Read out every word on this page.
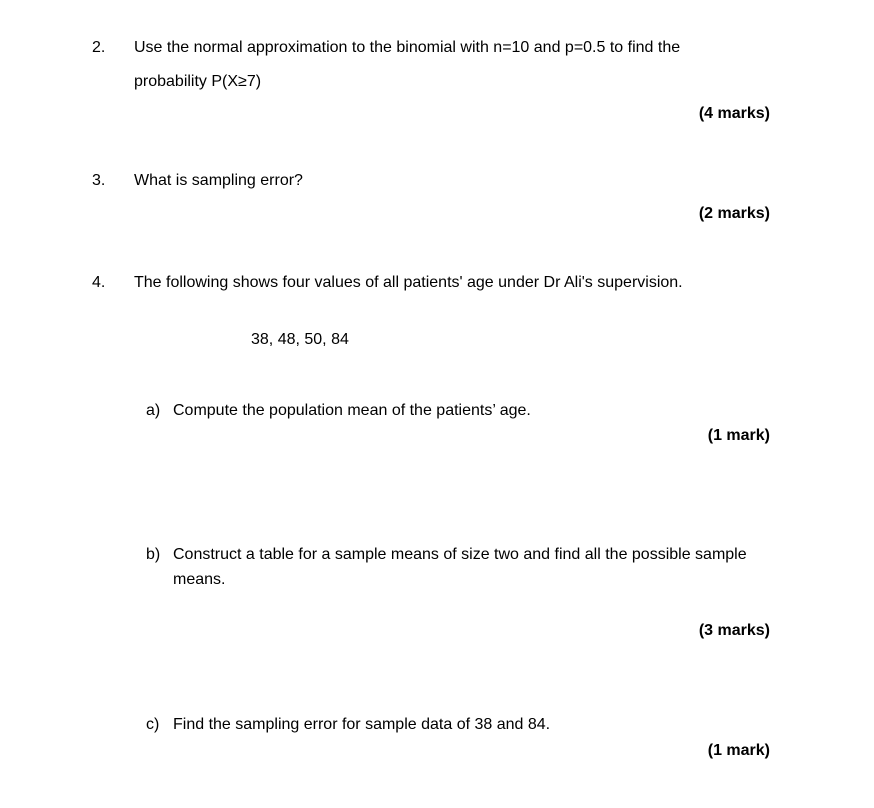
2. Use the normal approximation to the binomial with n=10 and p=0.5 to find the
probability P(X≥7)
(4 marks)
3. What is sampling error?
(2 marks)
4. The following shows four values of all patients' age under Dr Ali's supervision.
38, 48, 50, 84
a) Compute the population mean of the patients’ age.
(1 mark)
b) Construct a table for a sample means of size two and find all the possible sample
means.
(3 marks)
c) Find the sampling error for sample data of 38 and 84.
(1 mark)
